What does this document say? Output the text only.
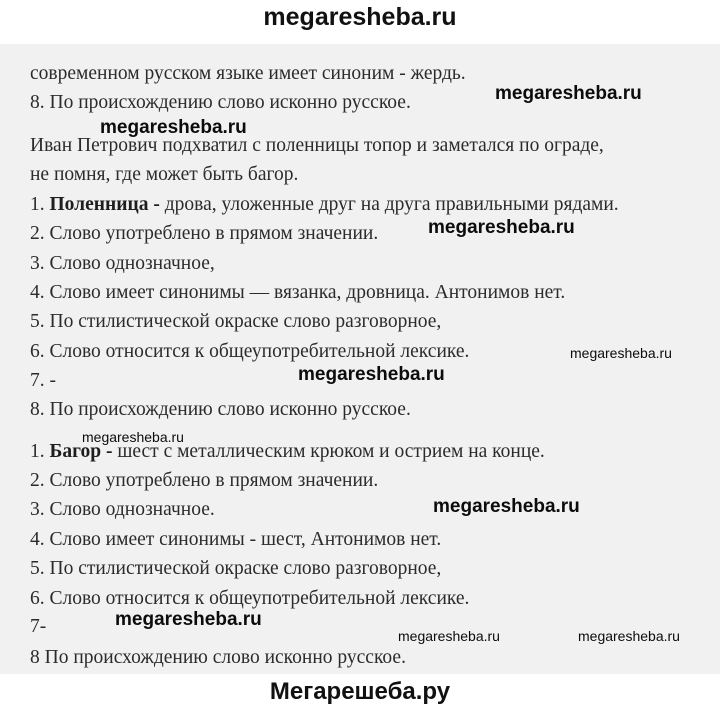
megaresheba.ru
современном русском языке имеет синоним - жердь.
8. По происхождению слово исконно русское.
Иван Петрович подхватил с поленницы топор и заметался по ограде,
не помня, где может быть багор.
1. Поленница - дрова, уложенные друг на друга правильными рядами.
2. Слово употреблено в прямом значении.
3. Слово однозначное,
4. Слово имеет синонимы — вязанка, дровница. Антонимов нет.
5. По стилистической окраске слово разговорное,
6. Слово относится к общеупотребительной лексике.
7. -
8. По происхождению слово исконно русское.
1. Багор - шест с металлическим крюком и острием на конце.
2. Слово употреблено в прямом значении.
3. Слово однозначное.
4. Слово имеет синонимы - шест, Антонимов нет.
5. По стилистической окраске слово разговорное,
6. Слово относится к общеупотребительной лексике.
7-
8 По происхождению слово исконно русское.
megaresheba.ru
megaresheba.ru
megaresheba.ru
megaresheba.ru
megaresheba.ru
megaresheba.ru
megaresheba.ru
megaresheba.ru
megaresheba.ru	megaresheba.ru
Мегарешеба.ру
